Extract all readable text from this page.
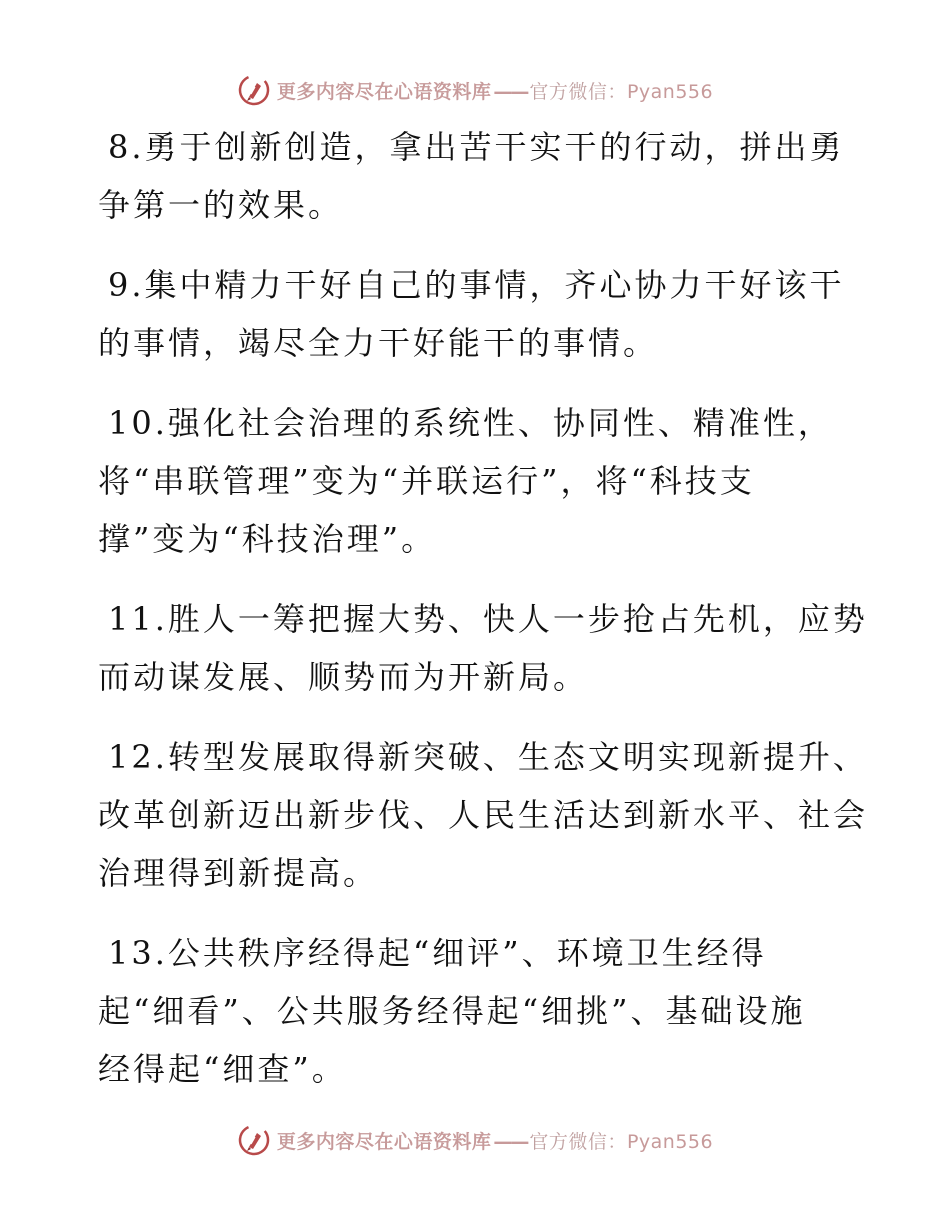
更多内容尽在心语资料库 —— 官方微信：Pyan556
8.勇于创新创造，拿出苦干实干的行动，拼出勇
争第一的效果。
9.集中精力干好自己的事情，齐心协力干好该干
的事情，竭尽全力干好能干的事情。
10.强化社会治理的系统性、协同性、精准性，
将“串联管理”变为“并联运行”，将“科技支
撑”变为“科技治理”。
11.胜人一筹把握大势、快人一步抢占先机，应势
而动谋发展、顺势而为开新局。
12.转型发展取得新突破、生态文明实现新提升、
改革创新迈出新步伐、人民生活达到新水平、社会
治理得到新提高。
13.公共秩序经得起“细评”、环境卫生经得
起“细看”、公共服务经得起“细挑”、基础设施
经得起“细查”。
更多内容尽在心语资料库 —— 官方微信：Pyan556
